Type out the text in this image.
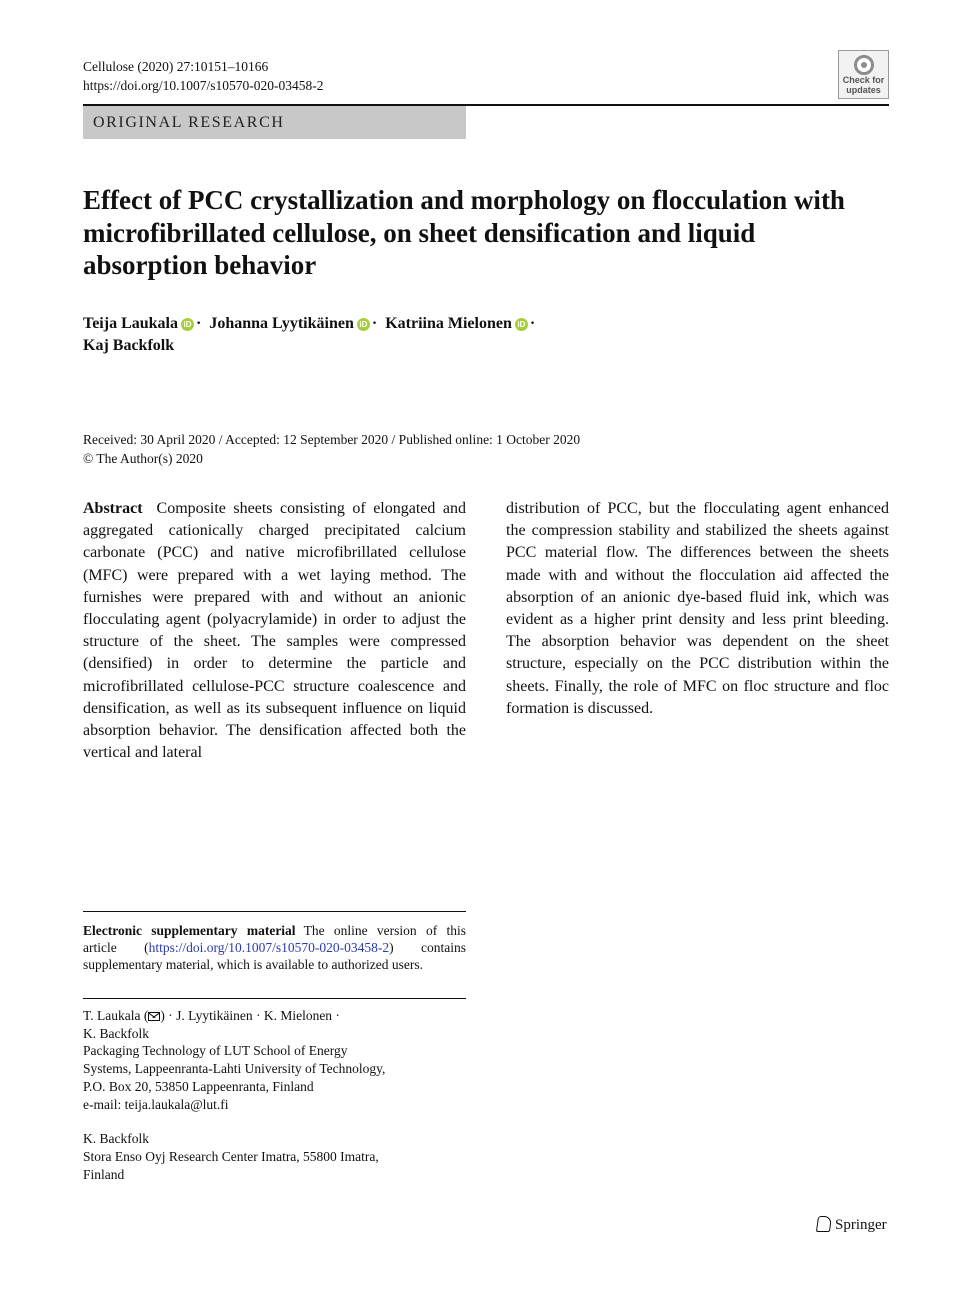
Cellulose (2020) 27:10151–10166
https://doi.org/10.1007/s10570-020-03458-2	Check for
updates
ORIGINAL RESEARCH
Effect of PCC crystallization and morphology on flocculation with microfibrillated cellulose, on sheet densification and liquid absorption behavior
Teija Laukala iD · Johanna Lyytikäinen iD · Katriina Mielonen iD ·
Kaj Backfolk
Received: 30 April 2020 / Accepted: 12 September 2020 / Published online: 1 October 2020
© The Author(s) 2020
Abstract Composite sheets consisting of elongated and aggregated cationically charged precipitated calcium carbonate (PCC) and native microfibrillated cellulose (MFC) were prepared with a wet laying method. The furnishes were prepared with and without an anionic flocculating agent (polyacrylamide) in order to adjust the structure of the sheet. The samples were compressed (densified) in order to determine the particle and microfibrillated cellulose-PCC structure coalescence and densification, as well as its subsequent influence on liquid absorption behavior. The densification affected both the vertical and lateral
distribution of PCC, but the flocculating agent enhanced the compression stability and stabilized the sheets against PCC material flow. The differences between the sheets made with and without the flocculation aid affected the absorption of an anionic dye-based fluid ink, which was evident as a higher print density and less print bleeding. The absorption behavior was dependent on the sheet structure, especially on the PCC distribution within the sheets. Finally, the role of MFC on floc structure and floc formation is discussed.
Electronic supplementary material The online version of this article (https://doi.org/10.1007/s10570-020-03458-2) contains supplementary material, which is available to authorized users.

T. Laukala ( ) · J. Lyytikäinen · K. Mielonen ·

K. Backfolk

Packaging Technology of LUT School of Energy

Systems, Lappeenranta-Lahti University of Technology,

P.O. Box 20, 53850 Lappeenranta, Finland

e-mail: teija.laukala@lut.fi

K. Backfolk

Stora Enso Oyj Research Center Imatra, 55800 Imatra,

Finland

Springer
